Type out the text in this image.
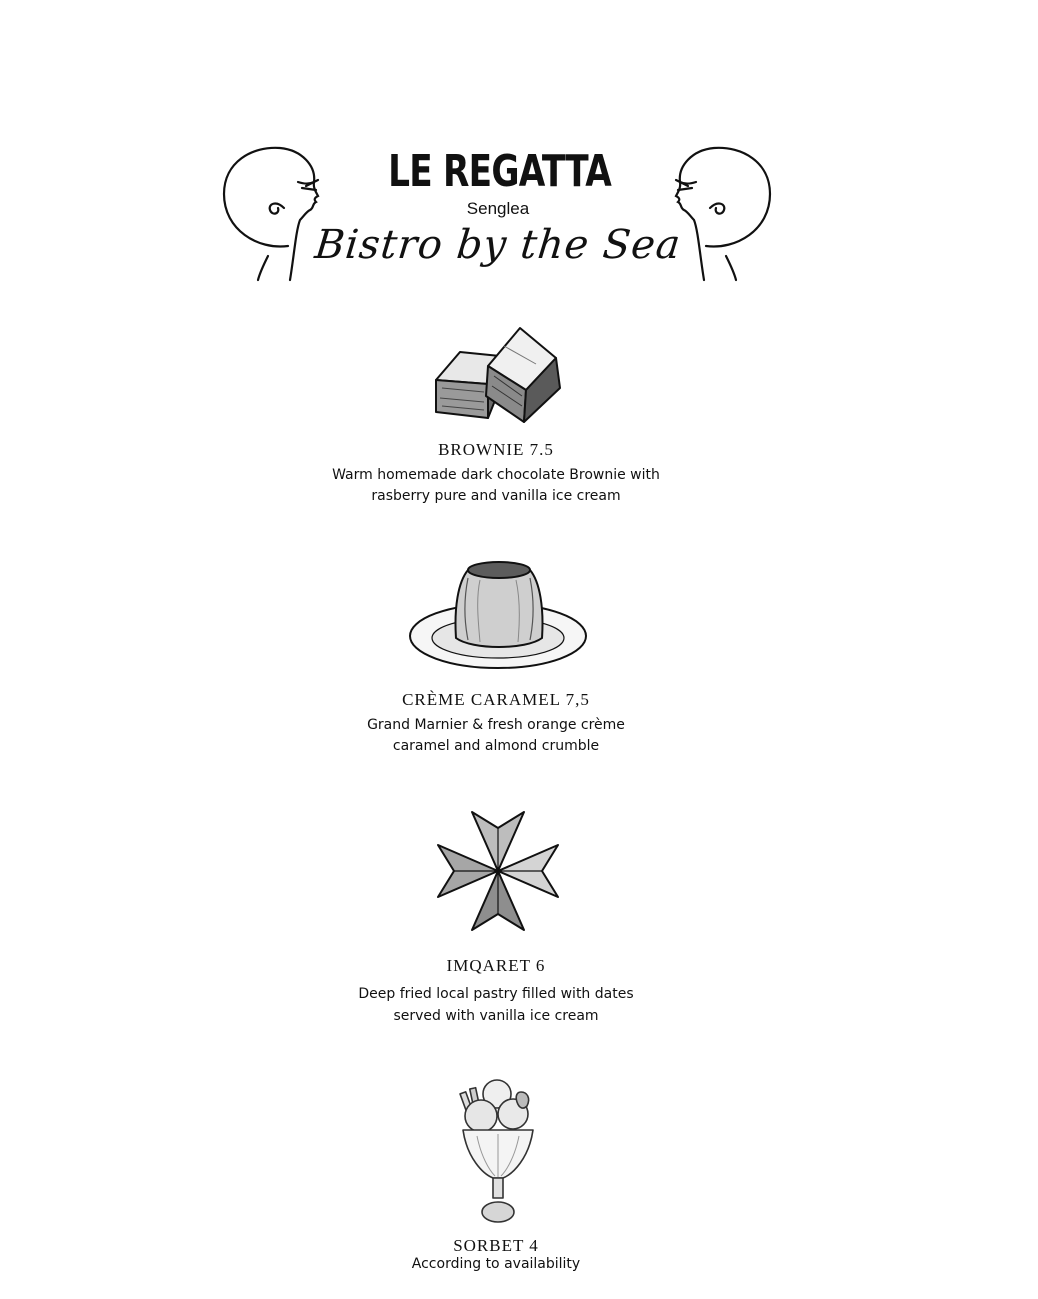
LE REGATTA
Senglea
Bistro by the Sea
BROWNIE 7.5
Warm homemade dark chocolate Brownie with
rasberry pure and vanilla ice cream
CRÈME CARAMEL 7,5
Grand Marnier & fresh orange crème
caramel and almond crumble
IMQARET 6
Deep fried local pastry filled with dates
served with vanilla ice cream
SORBET 4
According to availability
